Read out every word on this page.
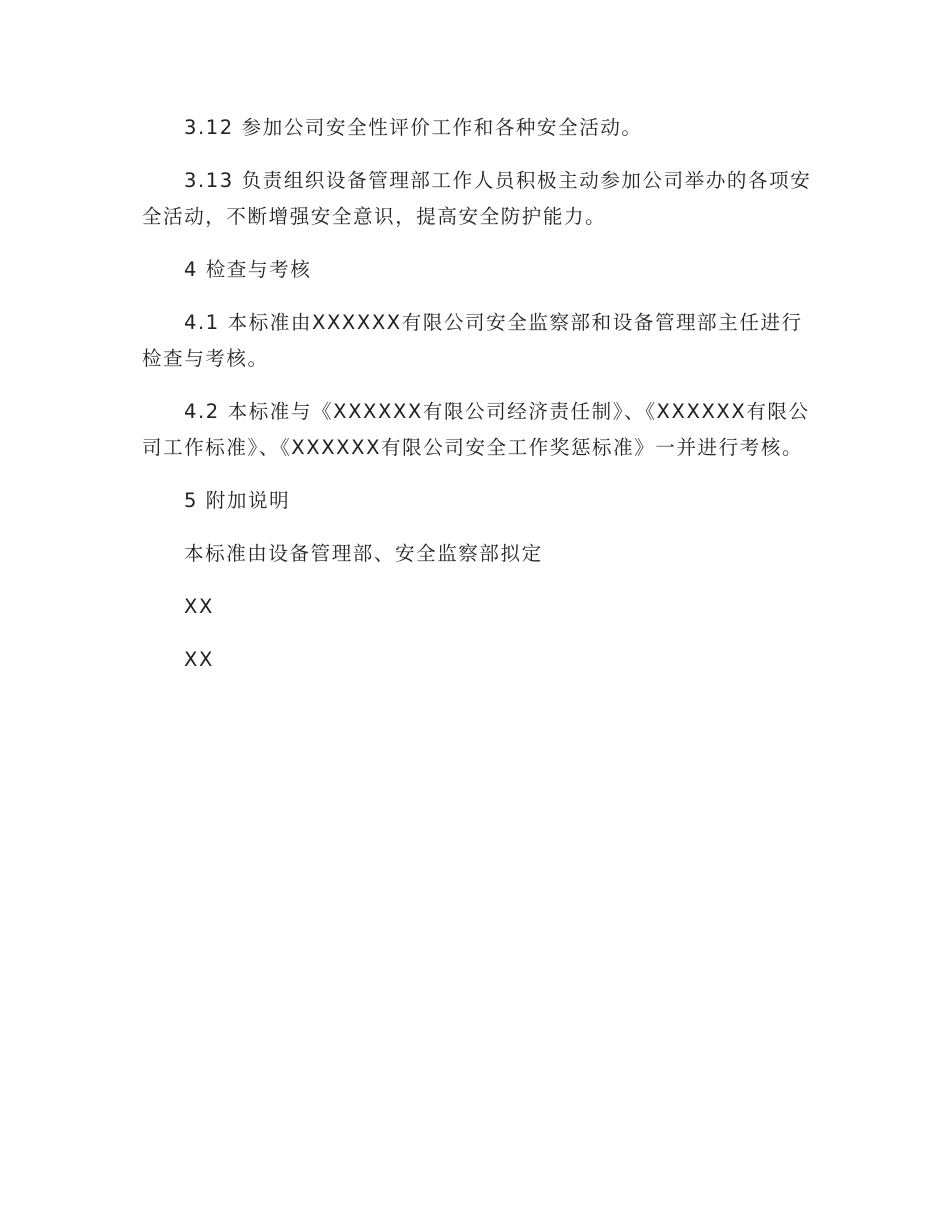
3.12 参加公司安全性评价工作和各种安全活动。

3.13 负责组织设备管理部工作人员积极主动参加公司举办的各项安全活动，不断增强安全意识，提高安全防护能力。

4 检查与考核

4.1 本标准由XXXXXX有限公司安全监察部和设备管理部主任进行检查与考核。

4.2 本标准与《XXXXXX有限公司经济责任制》、《XXXXXX有限公司工作标准》、《XXXXXX有限公司安全工作奖惩标准》一并进行考核。

5 附加说明

本标准由设备管理部、安全监察部拟定

XX

XX
